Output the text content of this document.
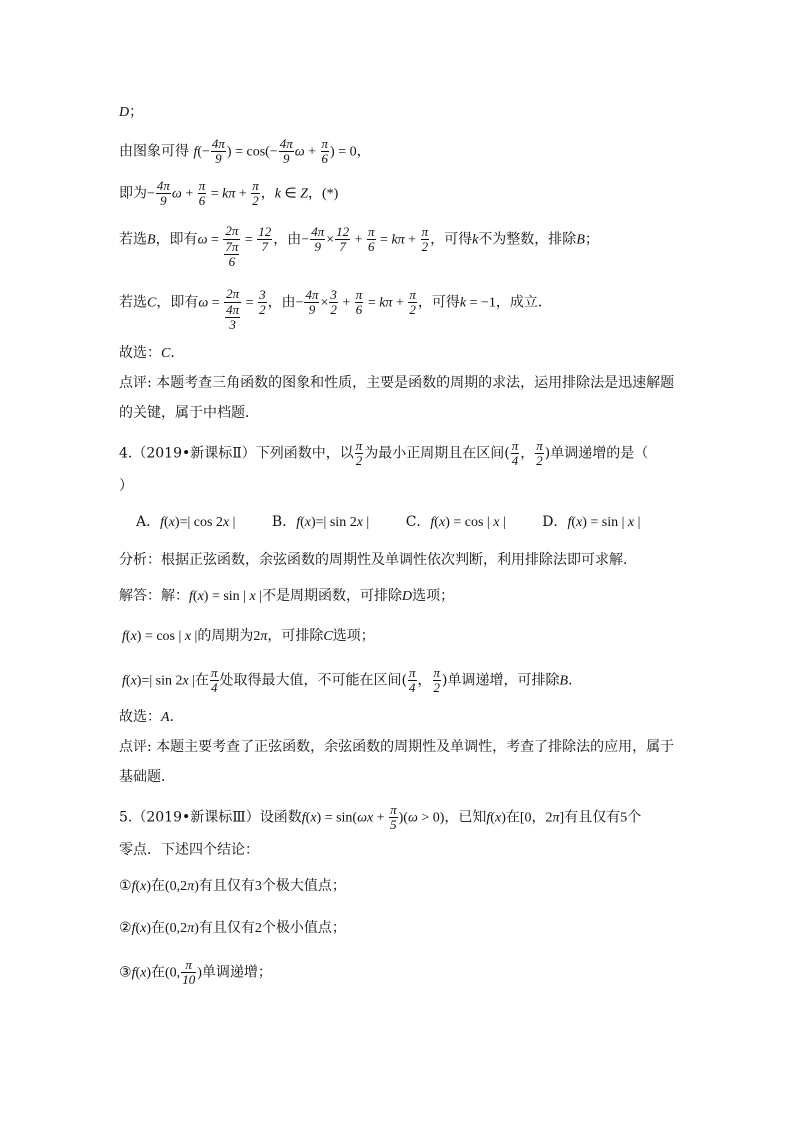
D；
由图象可得 $f(- \frac{4\pi}{9}$ ) = $\cos(- \frac{4\pi}{9}$ $\omega + \frac{\pi}{6}$ ) = 0，
即为− $\frac{4\pi}{9}$ $\omega + \frac{\pi}{6} = k\pi + \frac{\pi}{2}$ ，k ∈ Z，(*)
若选B，即有$\omega = \frac{2\pi}{\frac{7\pi}{6}} = \frac{12}{7}$ ，由− $\frac{4\pi}{9} \times \frac{12}{7} + \frac{\pi}{6} = k\pi + \frac{\pi}{2}$ ，可得k不为整数，排除B；
若选C，即有$\omega = \frac{2\pi}{\frac{4\pi}{3}} = \frac{3}{2}$ ，由− $\frac{4\pi}{9} \times \frac{3}{2} + \frac{\pi}{6} = k\pi + \frac{\pi}{2}$ ，可得k = −1，成立．
故选：C．
点评: 本题考查三角函数的图象和性质，主要是函数的周期的求法，运用排除法是迅速解题
的关键，属于中档题．
4.（2019•新课标Ⅱ）下列函数中，以 $\frac{\pi}{2}$ 为最小正周期且在区间( $\frac{\pi}{4}$ ， $\frac{\pi}{2}$ )单调递增的是（
）
A．f(x)=| cos 2x |	B．f(x)=| sin 2x |	C．f(x) = cos | x |	D．f(x) = sin | x |
分析：根据正弦函数，余弦函数的周期性及单调性依次判断，利用排除法即可求解．
解答：解：f(x) = sin | x |不是周期函数，可排除D选项；
f(x) = cos | x |的周期为2π，可排除C选项；
f(x)=| sin 2x |在 $\frac{\pi}{4}$ 处取得最大值，不可能在区间( $\frac{\pi}{4}$ ， $\frac{\pi}{2}$ )单调递增，可排除B．
故选：A．
点评: 本题主要考查了正弦函数，余弦函数的周期性及单调性，考查了排除法的应用，属于
基础题．
5.（2019•新课标Ⅲ）设函数$f(x) = \sin(\omega x + \frac{\pi}{5} )(\omega > 0)$，已知f(x)在[0，2π]有且仅有5个
零点．下述四个结论：
①f(x)在(0,2π)有且仅有3个极大值点；
②f(x)在(0,2π)有且仅有2个极小值点；
③f(x)在(0, $\frac{\pi}{10}$ )单调递增；
